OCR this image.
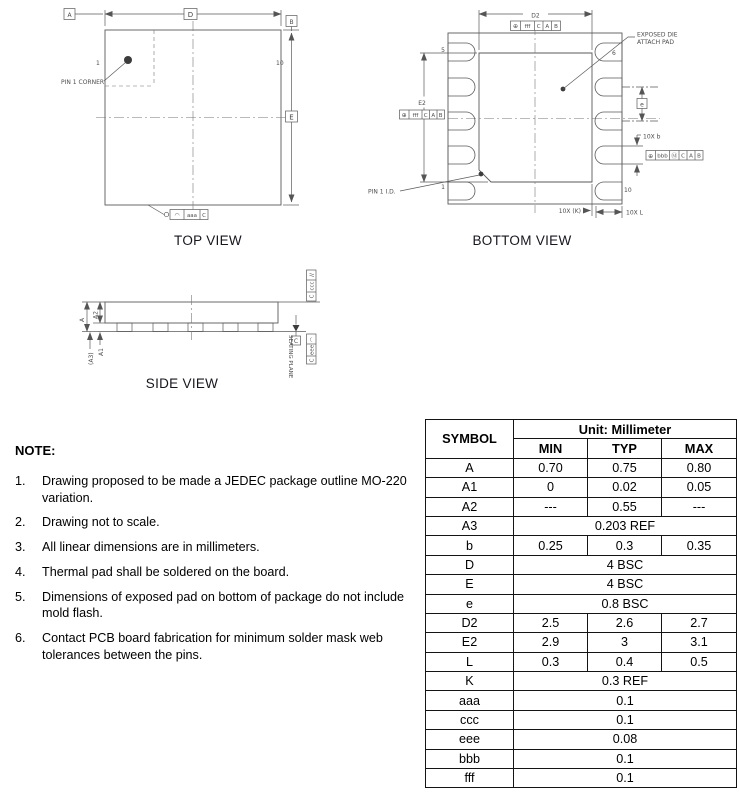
PIN 1 CORNER
1	10
A	D
B
E
◠ aaa C
TOP VIEW
5	6
1	10
D2
⊕ fff C A B
E2
⊕ fff C A B
e
10X b
⊕ bbb Ⓜ C A B
10X (K)	10X L
PIN 1 I.D.
EXPOSED DIE
ATTACH PAD
BOTTOM VIEW
A
A2
A1
(A3)
//
ccc
C
C ◠
eee
C
SEATING PLANE
SIDE VIEW
NOTE:
1.	Drawing proposed to be made a JEDEC package outline MO-220 variation.
2.	Drawing not to scale.
3.	All linear dimensions are in millimeters.
4.	Thermal pad shall be soldered on the board.
5.	Dimensions of exposed pad on bottom of package do not include mold flash.
6.	Contact PCB board fabrication for minimum solder mask web tolerances between the pins.
SYMBOL	Unit: Millimeter		
	MIN	TYP	MAX
A	0.70	0.75	0.80
A1	0	0.02	0.05
A2	---	0.55	---
A3	0.203 REF		
b	0.25	0.3	0.35
D	4 BSC		
E	4 BSC		
e	0.8 BSC		
D2	2.5	2.6	2.7
E2	2.9	3	3.1
L	0.3	0.4	0.5
K	0.3 REF		
aaa	0.1		
ccc	0.1		
eee	0.08		
bbb	0.1		
fff	0.1		
